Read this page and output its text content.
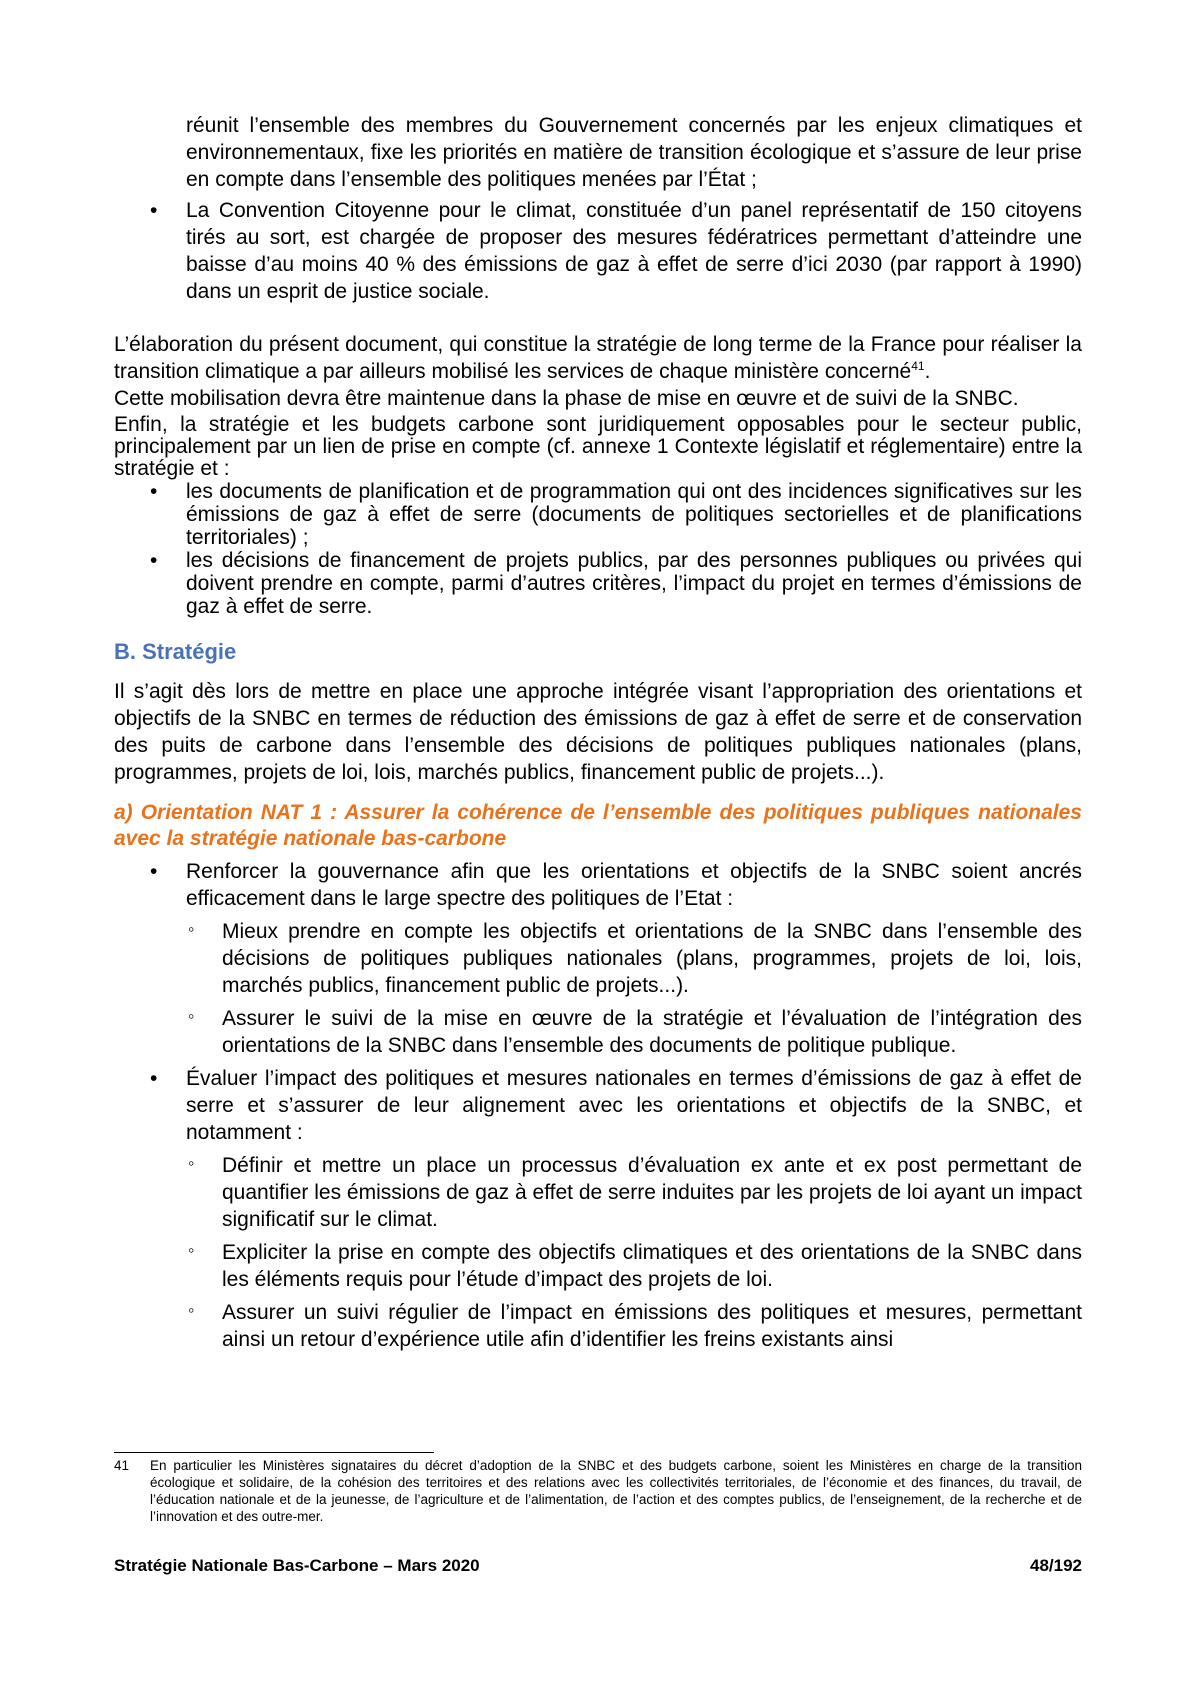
réunit l’ensemble des membres du Gouvernement concernés par les enjeux climatiques et environnementaux, fixe les priorités en matière de transition écologique et s’assure de leur prise en compte dans l’ensemble des politiques menées par l’État ;

• La Convention Citoyenne pour le climat, constituée d’un panel représentatif de 150 citoyens tirés au sort, est chargée de proposer des mesures fédératrices permettant d’atteindre une baisse d’au moins 40 % des émissions de gaz à effet de serre d’ici 2030 (par rapport à 1990) dans un esprit de justice sociale.

L’élaboration du présent document, qui constitue la stratégie de long terme de la France pour réaliser la transition climatique a par ailleurs mobilisé les services de chaque ministère concerné$^{41}$.

Cette mobilisation devra être maintenue dans la phase de mise en œuvre et de suivi de la SNBC.

Enfin, la stratégie et les budgets carbone sont juridiquement opposables pour le secteur public, principalement par un lien de prise en compte (cf. annexe 1 Contexte législatif et réglementaire) entre la stratégie et :

• les documents de planification et de programmation qui ont des incidences significatives sur les émissions de gaz à effet de serre (documents de politiques sectorielles et de planifications territoriales) ;
• les décisions de financement de projets publics, par des personnes publiques ou privées qui doivent prendre en compte, parmi d’autres critères, l’impact du projet en termes d’émissions de gaz à effet de serre.
B. Stratégie

Il s’agit dès lors de mettre en place une approche intégrée visant l’appropriation des orientations et objectifs de la SNBC en termes de réduction des émissions de gaz à effet de serre et de conservation des puits de carbone dans l’ensemble des décisions de politiques publiques nationales (plans, programmes, projets de loi, lois, marchés publics, financement public de projets...).

a) Orientation NAT 1 : Assurer la cohérence de l’ensemble des politiques publiques nationales avec la stratégie nationale bas-carbone
• Renforcer la gouvernance afin que les orientations et objectifs de la SNBC soient ancrés efficacement dans le large spectre des politiques de l’Etat :
◦ Mieux prendre en compte les objectifs et orientations de la SNBC dans l’ensemble des décisions de politiques publiques nationales (plans, programmes, projets de loi, lois, marchés publics, financement public de projets...).
◦ Assurer le suivi de la mise en œuvre de la stratégie et l’évaluation de l’intégration des orientations de la SNBC dans l’ensemble des documents de politique publique.
• Évaluer l’impact des politiques et mesures nationales en termes d’émissions de gaz à effet de serre et s’assurer de leur alignement avec les orientations et objectifs de la SNBC, et notamment :
◦ Définir et mettre un place un processus d’évaluation ex ante et ex post permettant de quantifier les émissions de gaz à effet de serre induites par les projets de loi ayant un impact significatif sur le climat.
◦ Expliciter la prise en compte des objectifs climatiques et des orientations de la SNBC dans les éléments requis pour l’étude d’impact des projets de loi.
◦ Assurer un suivi régulier de l’impact en émissions des politiques et mesures, permettant ainsi un retour d’expérience utile afin d’identifier les freins existants ainsi
41 En particulier les Ministères signataires du décret d’adoption de la SNBC et des budgets carbone, soient les Ministères en charge de la transition écologique et solidaire, de la cohésion des territoires et des relations avec les collectivités territoriales, de l’économie et des finances, du travail, de l’éducation nationale et de la jeunesse, de l’agriculture et de l’alimentation, de l’action et des comptes publics, de l’enseignement, de la recherche et de l’innovation et des outre-mer.
Stratégie Nationale Bas-Carbone – Mars 2020	48/192
